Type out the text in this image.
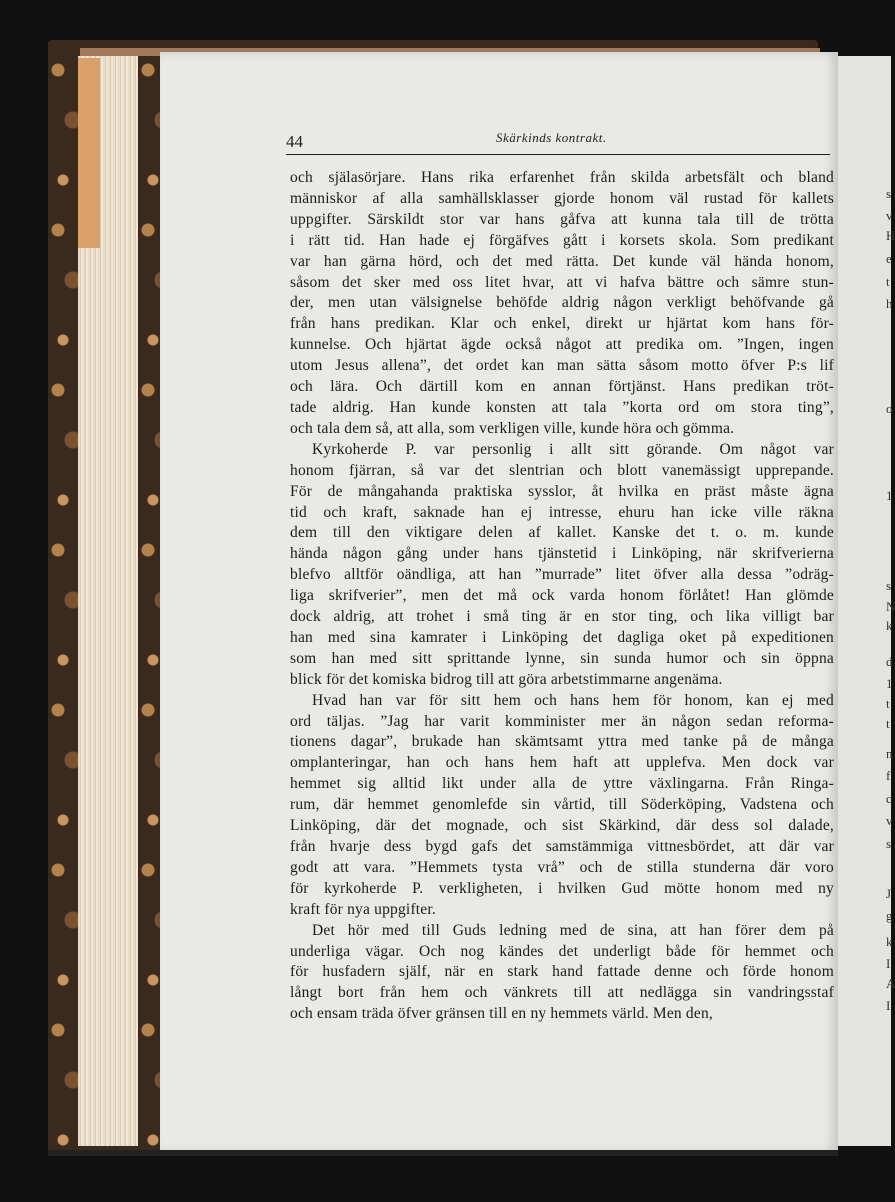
s
v
H
e
t
h
o
1
s
N
k
d
1
t
t
n
f
c
v
s
J
g
k
I
A
I
44	Skärkinds kontrakt.

och själasörjare. Hans rika erfarenhet från skilda arbetsfält och bland
människor af alla samhällsklasser gjorde honom väl rustad för kallets
uppgifter. Särskildt stor var hans gåfva att kunna tala till de trötta
i rätt tid. Han hade ej förgäfves gått i korsets skola. Som predikant
var han gärna hörd, och det med rätta. Det kunde väl hända honom,
såsom det sker med oss litet hvar, att vi hafva bättre och sämre stun-
der, men utan välsignelse behöfde aldrig någon verkligt behöfvande gå
från hans predikan. Klar och enkel, direkt ur hjärtat kom hans för-
kunnelse. Och hjärtat ägde också något att predika om. ”Ingen, ingen
utom Jesus allena”, det ordet kan man sätta såsom motto öfver P:s lif
och lära. Och därtill kom en annan förtjänst. Hans predikan tröt-
tade aldrig. Han kunde konsten att tala ”korta ord om stora ting”,
och tala dem så, att alla, som verkligen ville, kunde höra och gömma.

Kyrkoherde P. var personlig i allt sitt görande. Om något var
honom fjärran, så var det slentrian och blott vanemässigt upprepande.
För de mångahanda praktiska sysslor, åt hvilka en präst måste ägna
tid och kraft, saknade han ej intresse, ehuru han icke ville räkna
dem till den viktigare delen af kallet. Kanske det t. o. m. kunde
hända någon gång under hans tjänstetid i Linköping, när skrifverierna
blefvo alltför oändliga, att han ”murrade” litet öfver alla dessa ”odräg-
liga skrifverier”, men det må ock varda honom förlåtet! Han glömde
dock aldrig, att trohet i små ting är en stor ting, och lika villigt bar
han med sina kamrater i Linköping det dagliga oket på expeditionen
som han med sitt sprittande lynne, sin sunda humor och sin öppna
blick för det komiska bidrog till att göra arbetstimmarne angenäma.

Hvad han var för sitt hem och hans hem för honom, kan ej med
ord täljas. ”Jag har varit komminister mer än någon sedan reforma-
tionens dagar”, brukade han skämtsamt yttra med tanke på de många
omplanteringar, han och hans hem haft att upplefva. Men dock var
hemmet sig alltid likt under alla de yttre växlingarna. Från Ringa-
rum, där hemmet genomlefde sin vårtid, till Söderköping, Vadstena och
Linköping, där det mognade, och sist Skärkind, där dess sol dalade,
från hvarje dess bygd gafs det samstämmiga vittnesbördet, att där var
godt att vara. ”Hemmets tysta vrå” och de stilla stunderna där voro
för kyrkoherde P. verkligheten, i hvilken Gud mötte honom med ny
kraft för nya uppgifter.

Det hör med till Guds ledning med de sina, att han förer dem på
underliga vägar. Och nog kändes det underligt både för hemmet och
för husfadern själf, när en stark hand fattade denne och förde honom
långt bort från hem och vänkrets till att nedlägga sin vandringsstaf
och ensam träda öfver gränsen till en ny hemmets värld. Men den,
